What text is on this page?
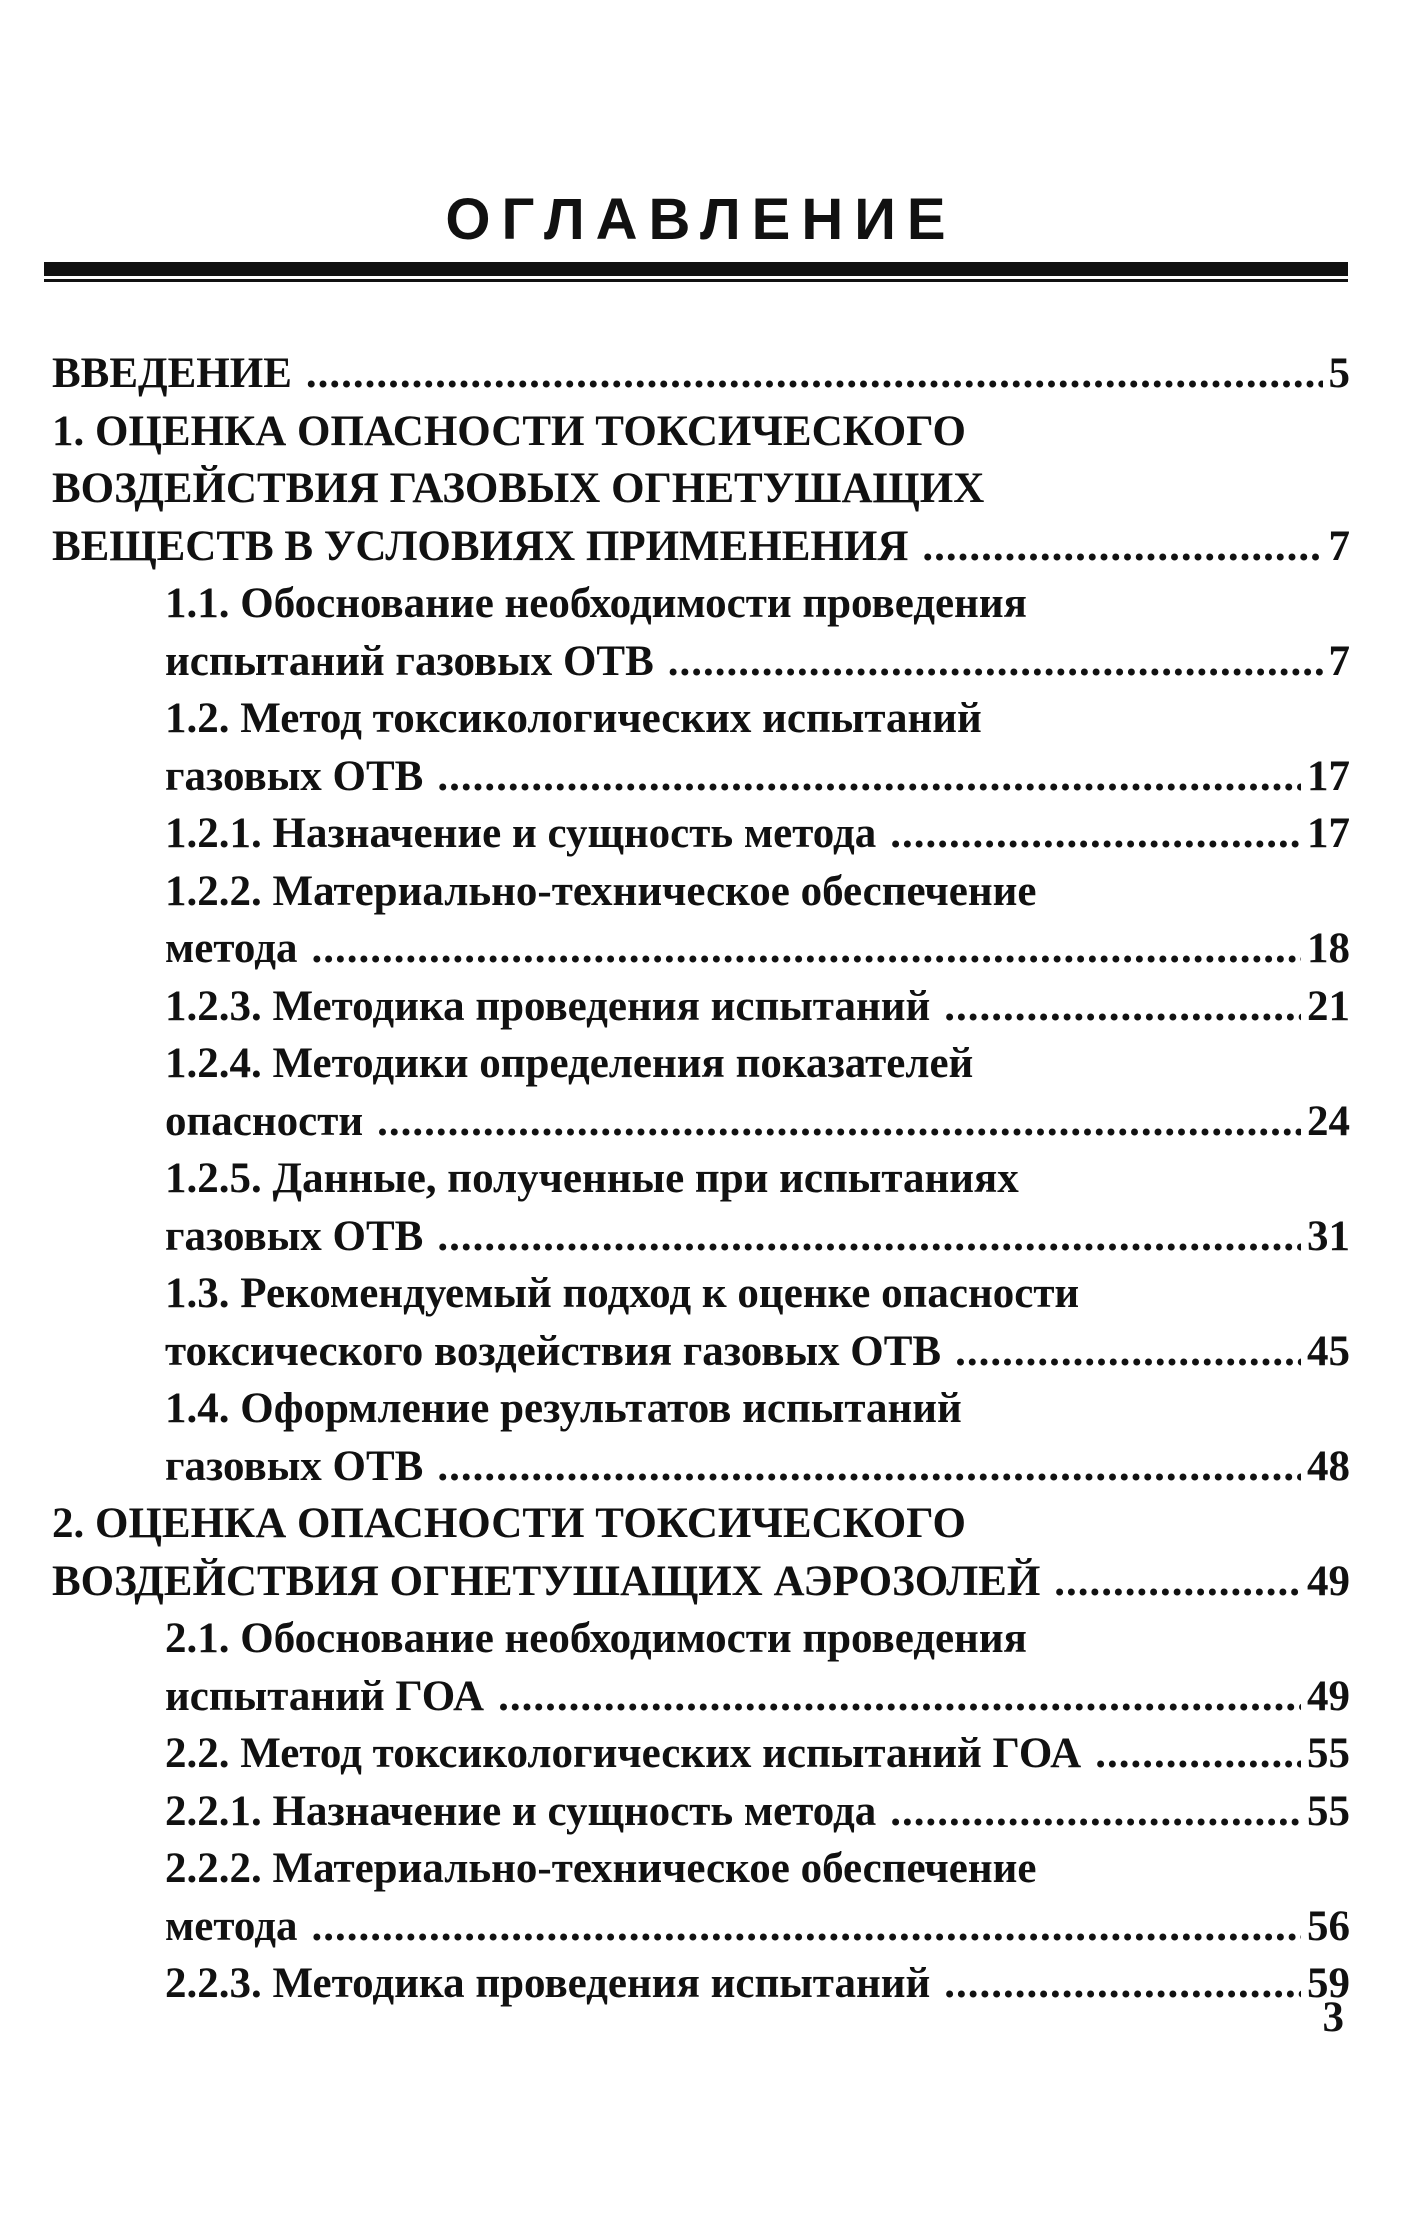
ОГЛАВЛЕНИЕ
ВВЕДЕНИЕ .....	5
1. ОЦЕНКА ОПАСНОСТИ ТОКСИЧЕСКОГО
ВОЗДЕЙСТВИЯ ГАЗОВЫХ ОГНЕТУШАЩИХ
ВЕЩЕСТВ В УСЛОВИЯХ ПРИМЕНЕНИЯ .....	7
1.1. Обоснование необходимости проведения
испытаний газовых ОТВ .....	7
1.2. Метод токсикологических испытаний
газовых ОТВ .....	17
1.2.1. Назначение и сущность метода .....	17
1.2.2. Материально-техническое обеспечение
метода .....	18
1.2.3. Методика проведения испытаний .....	21
1.2.4. Методики определения показателей
опасности .....	24
1.2.5. Данные, полученные при испытаниях
газовых ОТВ .....	31
1.3. Рекомендуемый подход к оценке опасности
токсического воздействия газовых ОТВ .....	45
1.4. Оформление результатов испытаний
газовых ОТВ .....	48
2. ОЦЕНКА ОПАСНОСТИ ТОКСИЧЕСКОГО
ВОЗДЕЙСТВИЯ ОГНЕТУШАЩИХ АЭРОЗОЛЕЙ .....	49
2.1. Обоснование необходимости проведения
испытаний ГОА .....	49
2.2. Метод токсикологических испытаний ГОА .....	55
2.2.1. Назначение и сущность метода .....	55
2.2.2. Материально-техническое обеспечение
метода .....	56
2.2.3. Методика проведения испытаний .....	59
3
